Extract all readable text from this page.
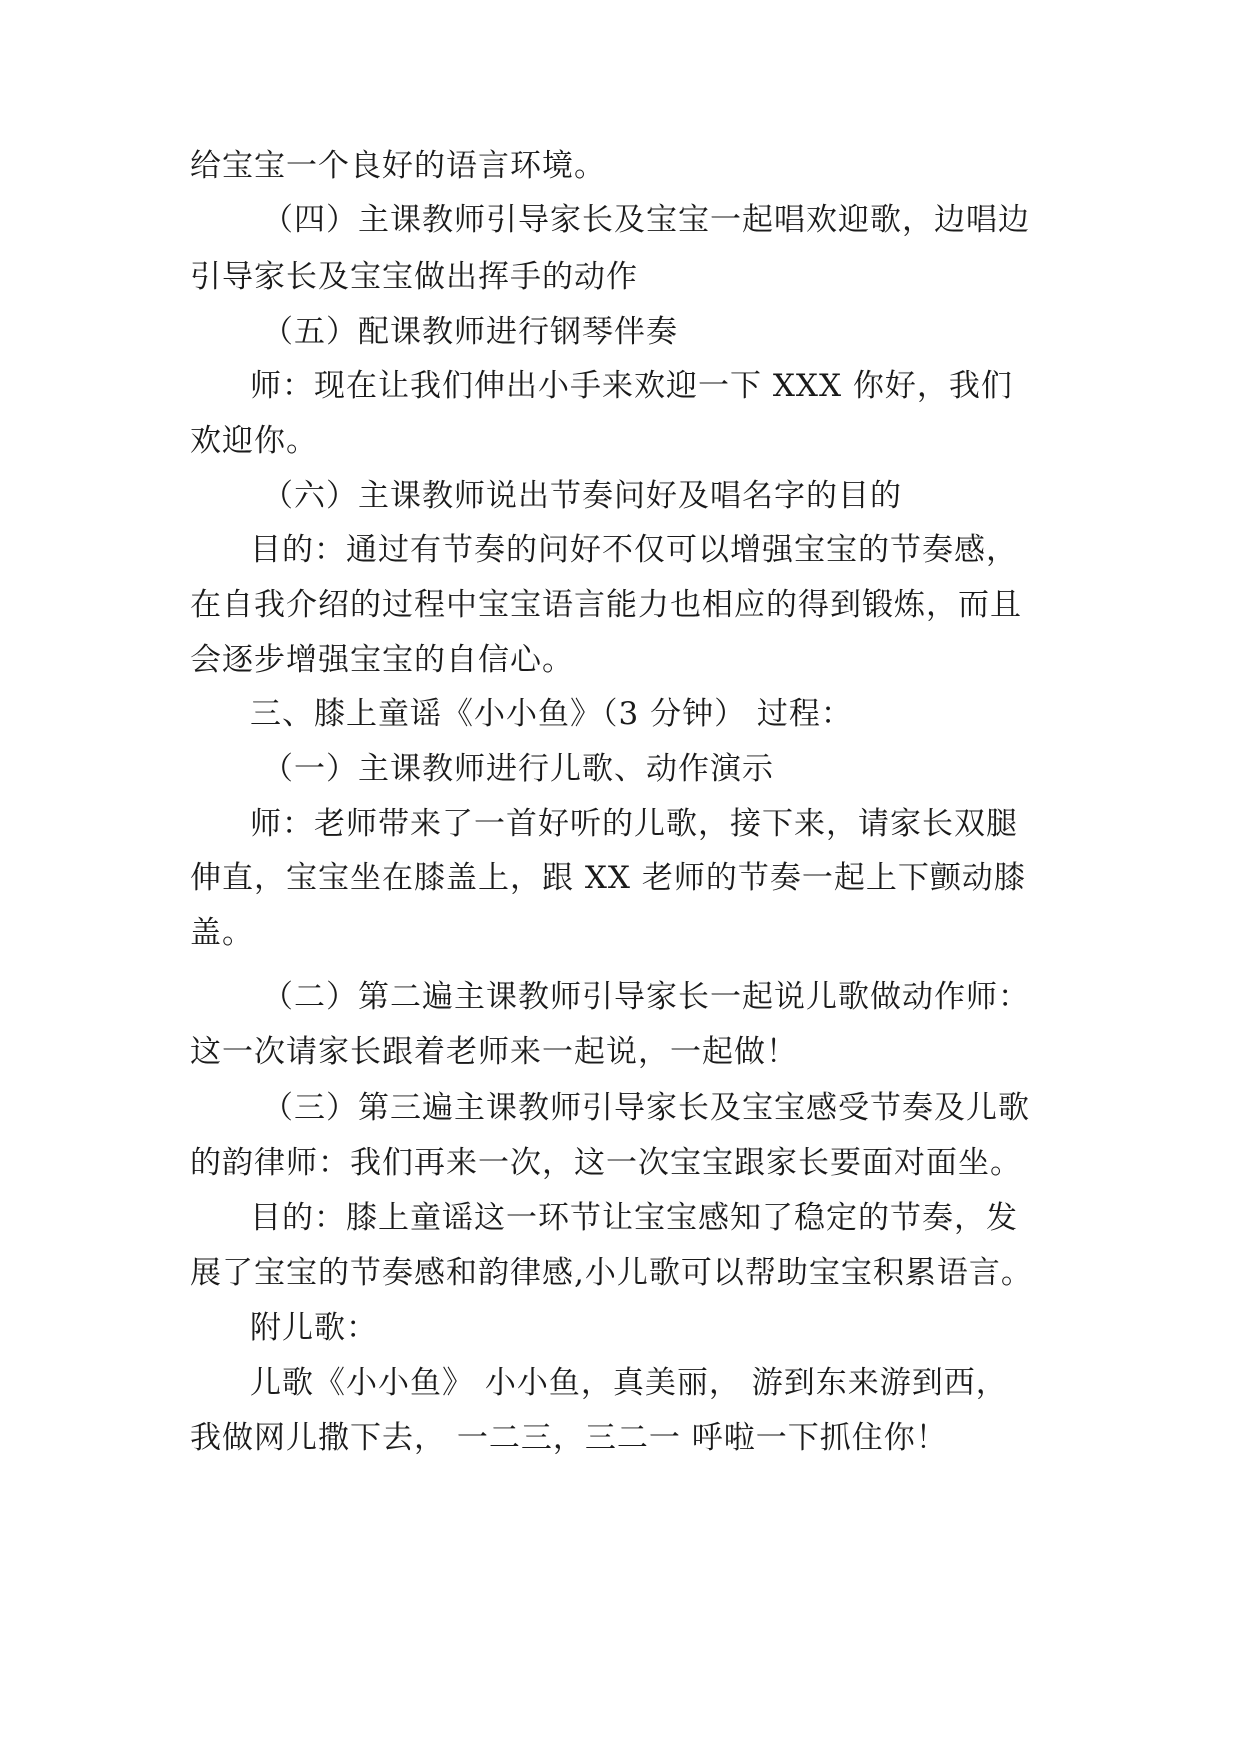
给宝宝一个良好的语言环境。
（四）主课教师引导家长及宝宝一起唱欢迎歌，边唱边
引导家长及宝宝做出挥手的动作
（五）配课教师进行钢琴伴奏
师：现在让我们伸出小手来欢迎一下 XXX 你好，我们
欢迎你。
（六）主课教师说出节奏问好及唱名字的目的
目的：通过有节奏的问好不仅可以增强宝宝的节奏感，
在自我介绍的过程中宝宝语言能力也相应的得到锻炼，而且
会逐步增强宝宝的自信心。
三、膝上童谣《小小鱼》（3 分钟） 过程：
（一）主课教师进行儿歌、动作演示
师：老师带来了一首好听的儿歌，接下来，请家长双腿
伸直，宝宝坐在膝盖上，跟 XX 老师的节奏一起上下颤动膝
盖。
（二）第二遍主课教师引导家长一起说儿歌做动作师：
这一次请家长跟着老师来一起说，一起做！
（三）第三遍主课教师引导家长及宝宝感受节奏及儿歌
的韵律师：我们再来一次，这一次宝宝跟家长要面对面坐。
目的：膝上童谣这一环节让宝宝感知了稳定的节奏，发
展了宝宝的节奏感和韵律感,小儿歌可以帮助宝宝积累语言。
附儿歌：
儿歌《小小鱼》 小小鱼，真美丽， 游到东来游到西，
我做网儿撒下去， 一二三，三二一 呼啦一下抓住你！
